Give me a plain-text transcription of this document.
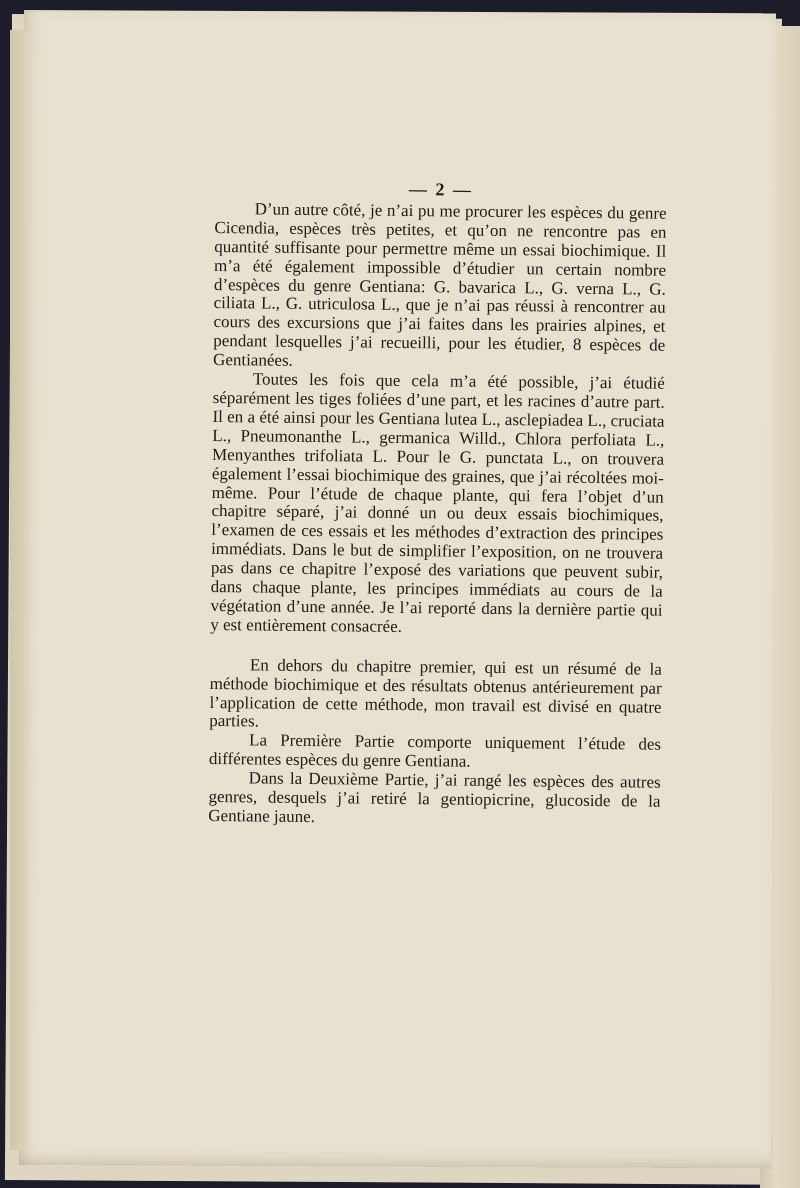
— 2 —

D’un autre côté, je n’ai pu me procurer les espèces du genre Cicendia, espèces très petites, et qu’on ne rencontre pas en quantité suffisante pour permettre même un essai biochimique. Il m’a été également impossible d’étudier un certain nombre d’espèces du genre Gentiana: G. bavarica L., G. verna L., G. ciliata L., G. utriculosa L., que je n’ai pas réussi à rencontrer au cours des excursions que j’ai faites dans les prairies alpines, et pendant lesquelles j’ai recueilli, pour les étudier, 8 espèces de Gentianées.

Toutes les fois que cela m’a été possible, j’ai étudié séparément les tiges foliées d’une part, et les racines d’autre part. Il en a été ainsi pour les Gentiana lutea L., asclepiadea L., cruciata L., Pneumonanthe L., germanica Willd., Chlora perfoliata L., Menyanthes trifoliata L. Pour le G. punctata L., on trouvera également l’essai biochimique des graines, que j’ai récoltées moi-même. Pour l’étude de chaque plante, qui fera l’objet d’un chapitre séparé, j’ai donné un ou deux essais biochimiques, l’examen de ces essais et les méthodes d’extraction des principes immédiats. Dans le but de simplifier l’exposition, on ne trouvera pas dans ce chapitre l’exposé des variations que peuvent subir, dans chaque plante, les principes immédiats au cours de la végétation d’une année. Je l’ai reporté dans la dernière partie qui y est entièrement consacrée.

En dehors du chapitre premier, qui est un résumé de la méthode biochimique et des résultats obtenus antérieurement par l’application de cette méthode, mon travail est divisé en quatre parties.

La Première Partie comporte uniquement l’étude des différentes espèces du genre Gentiana.

Dans la Deuxième Partie, j’ai rangé les espèces des autres genres, desquels j’ai retiré la gentiopicrine, glucoside de la Gentiane jaune.
